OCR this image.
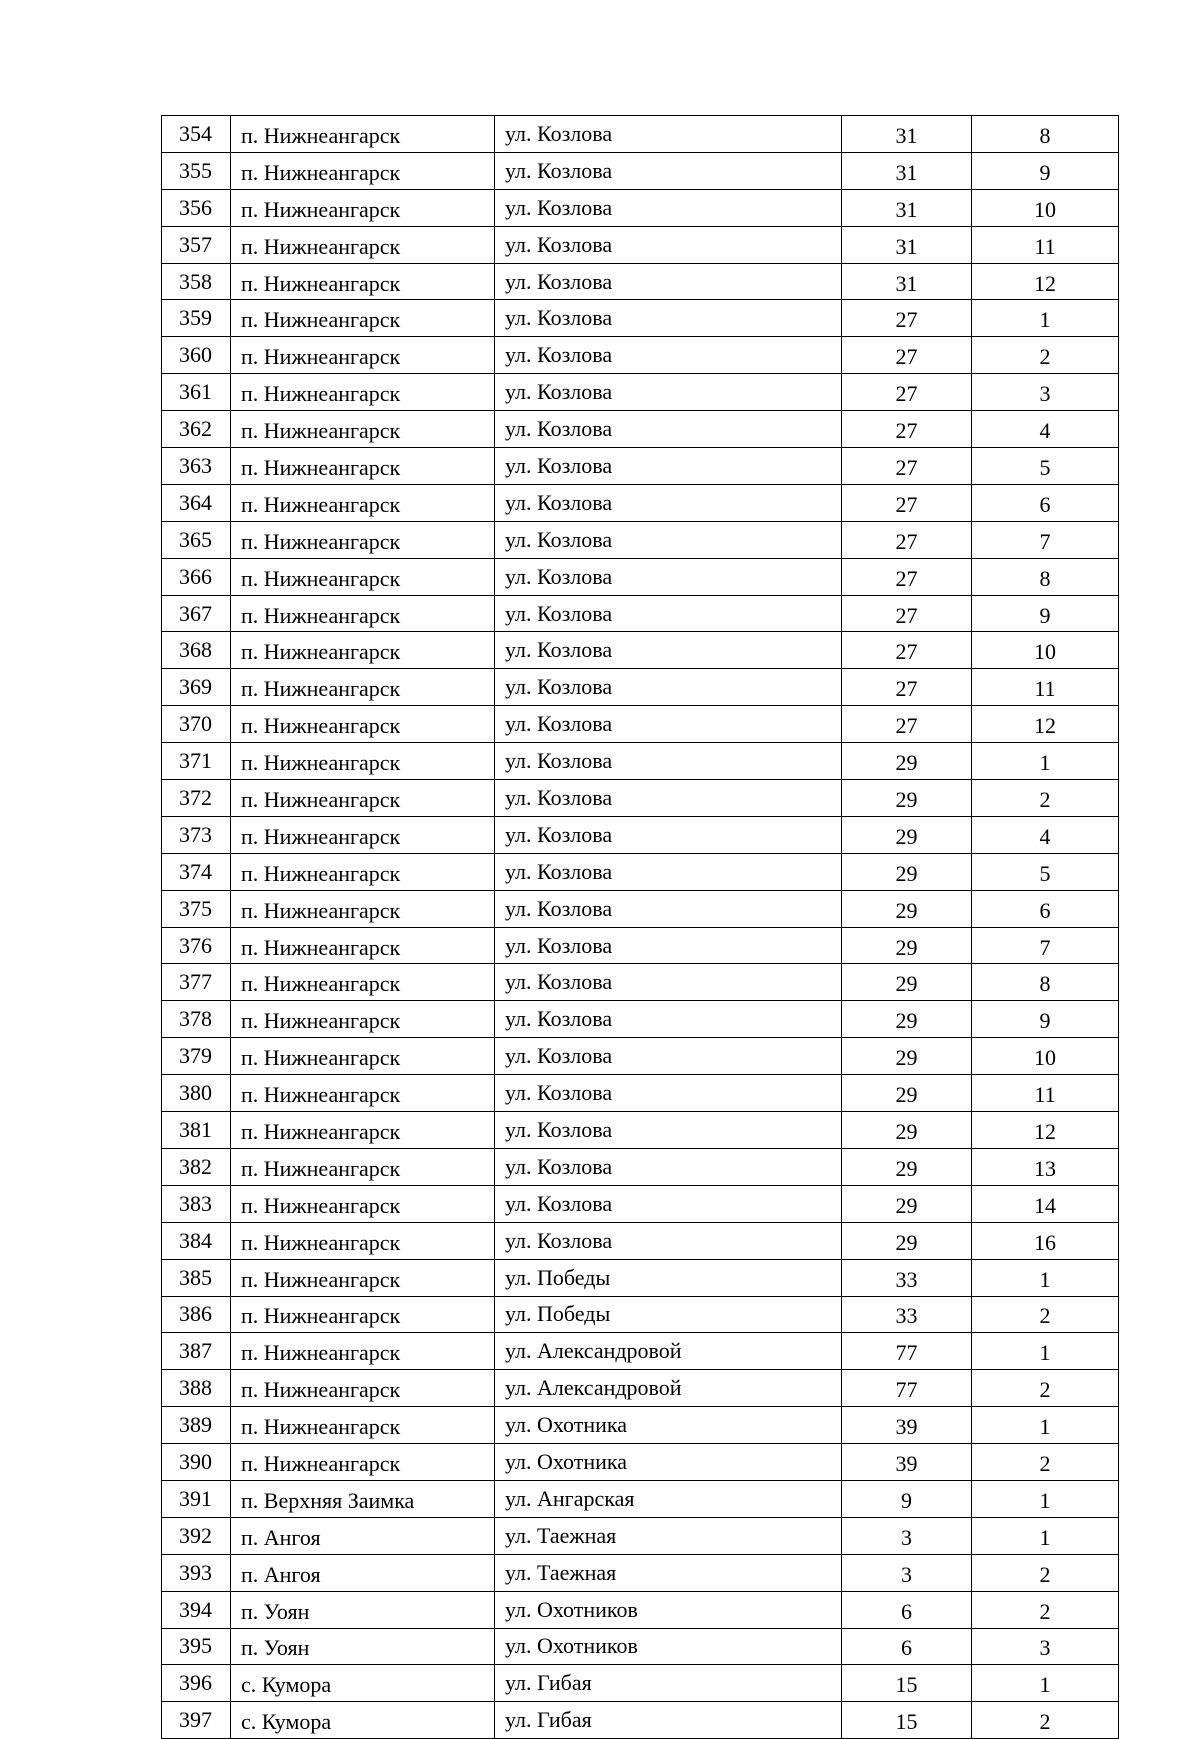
354	п. Нижнеангарск	ул. Козлова	31	8
355	п. Нижнеангарск	ул. Козлова	31	9
356	п. Нижнеангарск	ул. Козлова	31	10
357	п. Нижнеангарск	ул. Козлова	31	11
358	п. Нижнеангарск	ул. Козлова	31	12
359	п. Нижнеангарск	ул. Козлова	27	1
360	п. Нижнеангарск	ул. Козлова	27	2
361	п. Нижнеангарск	ул. Козлова	27	3
362	п. Нижнеангарск	ул. Козлова	27	4
363	п. Нижнеангарск	ул. Козлова	27	5
364	п. Нижнеангарск	ул. Козлова	27	6
365	п. Нижнеангарск	ул. Козлова	27	7
366	п. Нижнеангарск	ул. Козлова	27	8
367	п. Нижнеангарск	ул. Козлова	27	9
368	п. Нижнеангарск	ул. Козлова	27	10
369	п. Нижнеангарск	ул. Козлова	27	11
370	п. Нижнеангарск	ул. Козлова	27	12
371	п. Нижнеангарск	ул. Козлова	29	1
372	п. Нижнеангарск	ул. Козлова	29	2
373	п. Нижнеангарск	ул. Козлова	29	4
374	п. Нижнеангарск	ул. Козлова	29	5
375	п. Нижнеангарск	ул. Козлова	29	6
376	п. Нижнеангарск	ул. Козлова	29	7
377	п. Нижнеангарск	ул. Козлова	29	8
378	п. Нижнеангарск	ул. Козлова	29	9
379	п. Нижнеангарск	ул. Козлова	29	10
380	п. Нижнеангарск	ул. Козлова	29	11
381	п. Нижнеангарск	ул. Козлова	29	12
382	п. Нижнеангарск	ул. Козлова	29	13
383	п. Нижнеангарск	ул. Козлова	29	14
384	п. Нижнеангарск	ул. Козлова	29	16
385	п. Нижнеангарск	ул. Победы	33	1
386	п. Нижнеангарск	ул. Победы	33	2
387	п. Нижнеангарск	ул. Александровой	77	1
388	п. Нижнеангарск	ул. Александровой	77	2
389	п. Нижнеангарск	ул. Охотника	39	1
390	п. Нижнеангарск	ул. Охотника	39	2
391	п. Верхняя Заимка	ул. Ангарская	9	1
392	п. Ангоя	ул. Таежная	3	1
393	п. Ангоя	ул. Таежная	3	2
394	п. Уоян	ул. Охотников	6	2
395	п. Уоян	ул. Охотников	6	3
396	с. Кумора	ул. Гибая	15	1
397	с. Кумора	ул. Гибая	15	2
